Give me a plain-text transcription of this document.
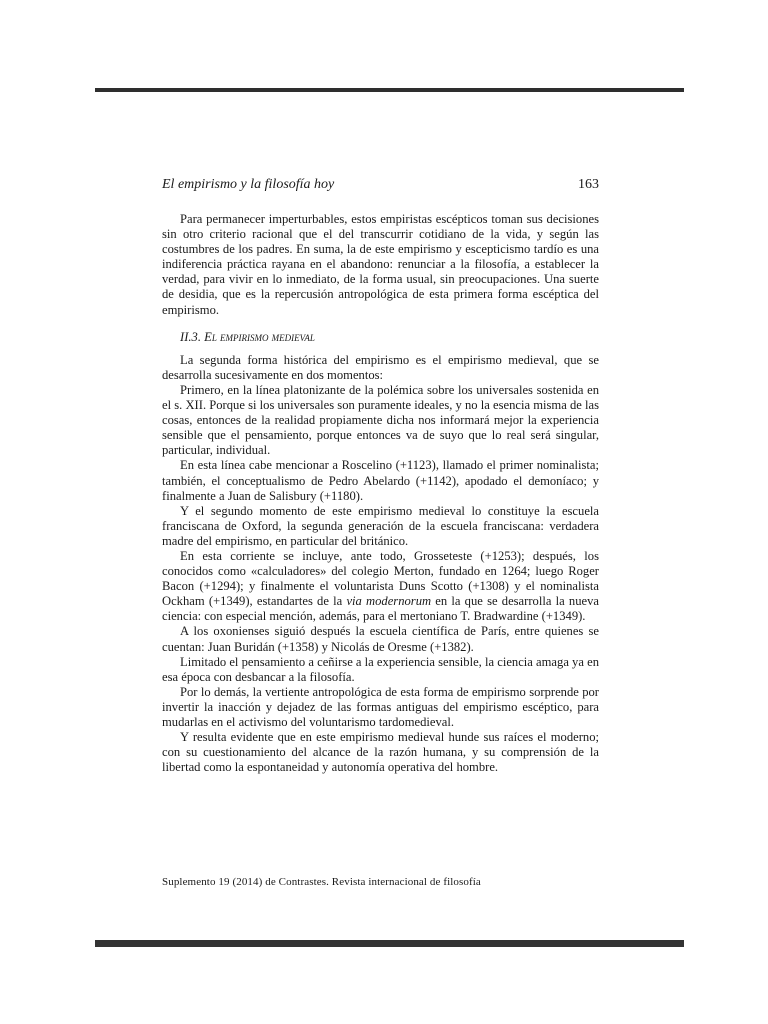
El empirismo y la filosofía hoy	163

Para permanecer imperturbables, estos empiristas escépticos toman sus decisiones sin otro criterio racional que el del transcurrir cotidiano de la vida, y según las costumbres de los padres. En suma, la de este empirismo y escepticismo tardío es una indiferencia práctica rayana en el abandono: renunciar a la filosofía, a establecer la verdad, para vivir en lo inmediato, de la forma usual, sin preocupaciones. Una suerte de desidia, que es la repercusión antropológica de esta primera forma escéptica del empirismo.

II.3. El empirismo medieval

La segunda forma histórica del empirismo es el empirismo medieval, que se desarrolla sucesivamente en dos momentos:

Primero, en la línea platonizante de la polémica sobre los universales sostenida en el s. XII. Porque si los universales son puramente ideales, y no la esencia misma de las cosas, entonces de la realidad propiamente dicha nos informará mejor la experiencia sensible que el pensamiento, porque entonces va de suyo que lo real será singular, particular, individual.

En esta línea cabe mencionar a Roscelino (+1123), llamado el primer nominalista; también, el conceptualismo de Pedro Abelardo (+1142), apodado el demoníaco; y finalmente a Juan de Salisbury (+1180).

Y el segundo momento de este empirismo medieval lo constituye la escuela franciscana de Oxford, la segunda generación de la escuela franciscana: verdadera madre del empirismo, en particular del británico.

En esta corriente se incluye, ante todo, Grosseteste (+1253); después, los conocidos como «calculadores» del colegio Merton, fundado en 1264; luego Roger Bacon (+1294); y finalmente el voluntarista Duns Scotto (+1308) y el nominalista Ockham (+1349), estandartes de la via modernorum en la que se desarrolla la nueva ciencia: con especial mención, además, para el mertoniano T. Bradwardine (+1349).

A los oxonienses siguió después la escuela científica de París, entre quienes se cuentan: Juan Buridán (+1358) y Nicolás de Oresme (+1382).

Limitado el pensamiento a ceñirse a la experiencia sensible, la ciencia amaga ya en esa época con desbancar a la filosofía.

Por lo demás, la vertiente antropológica de esta forma de empirismo sorprende por invertir la inacción y dejadez de las formas antiguas del empirismo escéptico, para mudarlas en el activismo del voluntarismo tardomedieval.

Y resulta evidente que en este empirismo medieval hunde sus raíces el moderno; con su cuestionamiento del alcance de la razón humana, y su comprensión de la libertad como la espontaneidad y autonomía operativa del hombre.

Suplemento 19 (2014) de Contrastes. Revista internacional de filosofía
